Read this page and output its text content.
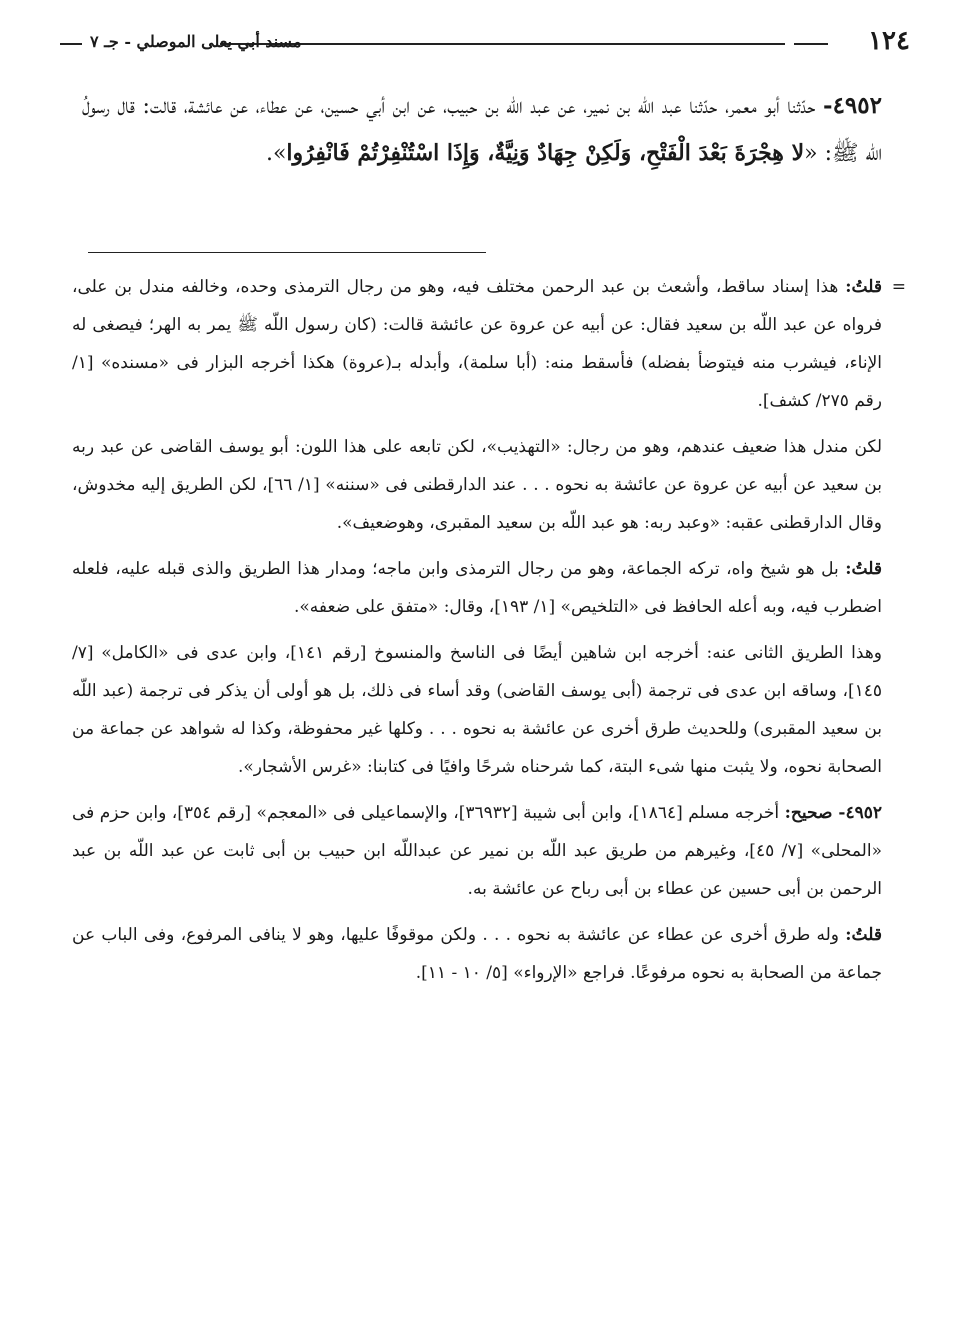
١٢٤
مسند أبي يعلى الموصلي - جـ ٧
٤٩٥٢- حدّثنا أبو معمر، حدّثنا عبد اللّه بن نمير، عن عبد اللّه بن حبيب، عن ابن أبي حسين، عن عطاء، عن عائشة، قالت: قال رسولُ اللّه ﷺ: «لا هِجْرَةَ بَعْدَ الْفَتْحِ، وَلَكِنْ جِهَادٌ وَنِيَّةٌ، وَإِذَا اسْتُنْفِرْتُمْ فَانْفِرُوا».

=
قلتُ: هذا إسناد ساقط، وأشعث بن عبد الرحمن مختلف فيه، وهو من رجال الترمذى وحده، وخالفه مندل بن على، فرواه عن عبد اللّه بن سعيد فقال: عن أبيه عن عروة عن عائشة قالت: (كان رسول اللّه ﷺ يمر به الهر؛ فيصغى له الإناء، فيشرب منه فيتوضأ بفضله) فأسقط منه: (أبا سلمة)، وأبدله بـ(عروة) هكذا أخرجه البزار فى «مسنده» [١/ رقم ٢٧٥/ كشف].

لكن مندل هذا ضعيف عندهم، وهو من رجال: «التهذيب»، لكن تابعه على هذا اللون: أبو يوسف القاضى عن عبد ربه بن سعيد عن أبيه عن عروة عن عائشة به نحوه . . . عند الدارقطنى فى «سننه» [١/ ٦٦]، لكن الطريق إليه مخدوش، وقال الدارقطنى عقبه: «وعبد ربه: هو عبد اللّه بن سعيد المقبرى، وهوضعيف».

قلتُ: بل هو شيخ واه، تركه الجماعة، وهو من رجال الترمذى وابن ماجه؛ ومدار هذا الطريق والذى قبله عليه، فلعله اضطرب فيه، وبه أعله الحافظ فى «التلخيص» [١/ ١٩٣]، وقال: «متفق على ضعفه».

وهذا الطريق الثانى عنه: أخرجه ابن شاهين أيضًا فى الناسخ والمنسوخ [رقم ١٤١]، وابن عدى فى «الكامل» [٧/ ١٤٥]، وساقه ابن عدى فى ترجمة (أبى يوسف القاضى) وقد أساء فى ذلك، بل هو أولى أن يذكر فى ترجمة (عبد اللّه بن سعيد المقبرى) وللحديث طرق أخرى عن عائشة به نحوه . . . وكلها غير محفوظة، وكذا له شواهد عن جماعة من الصحابة نحوه، ولا يثبت منها شىء البتة، كما شرحناه شرحًا وافيًا فى كتابنا: «غرس الأشجار».

٤٩٥٢- صحيح: أخرجه مسلم [١٨٦٤]، وابن أبى شيبة [٣٦٩٣٢]، والإسماعيلى فى «المعجم» [رقم ٣٥٤]، وابن حزم فى «المحلى» [٧/ ٤٥]، وغيرهم من طريق عبد اللّه بن نمير عن عبداللّه ابن حبيب بن أبى ثابت عن عبد اللّه بن عبد الرحمن بن أبى حسين عن عطاء بن أبى رباح عن عائشة به.

قلتُ: وله طرق أخرى عن عطاء عن عائشة به نحوه . . . ولكن موقوفًا عليها، وهو لا ينافى المرفوع، وفى الباب عن جماعة من الصحابة به نحوه مرفوعًا. فراجع «الإرواء» [٥/ ١٠ - ١١].
